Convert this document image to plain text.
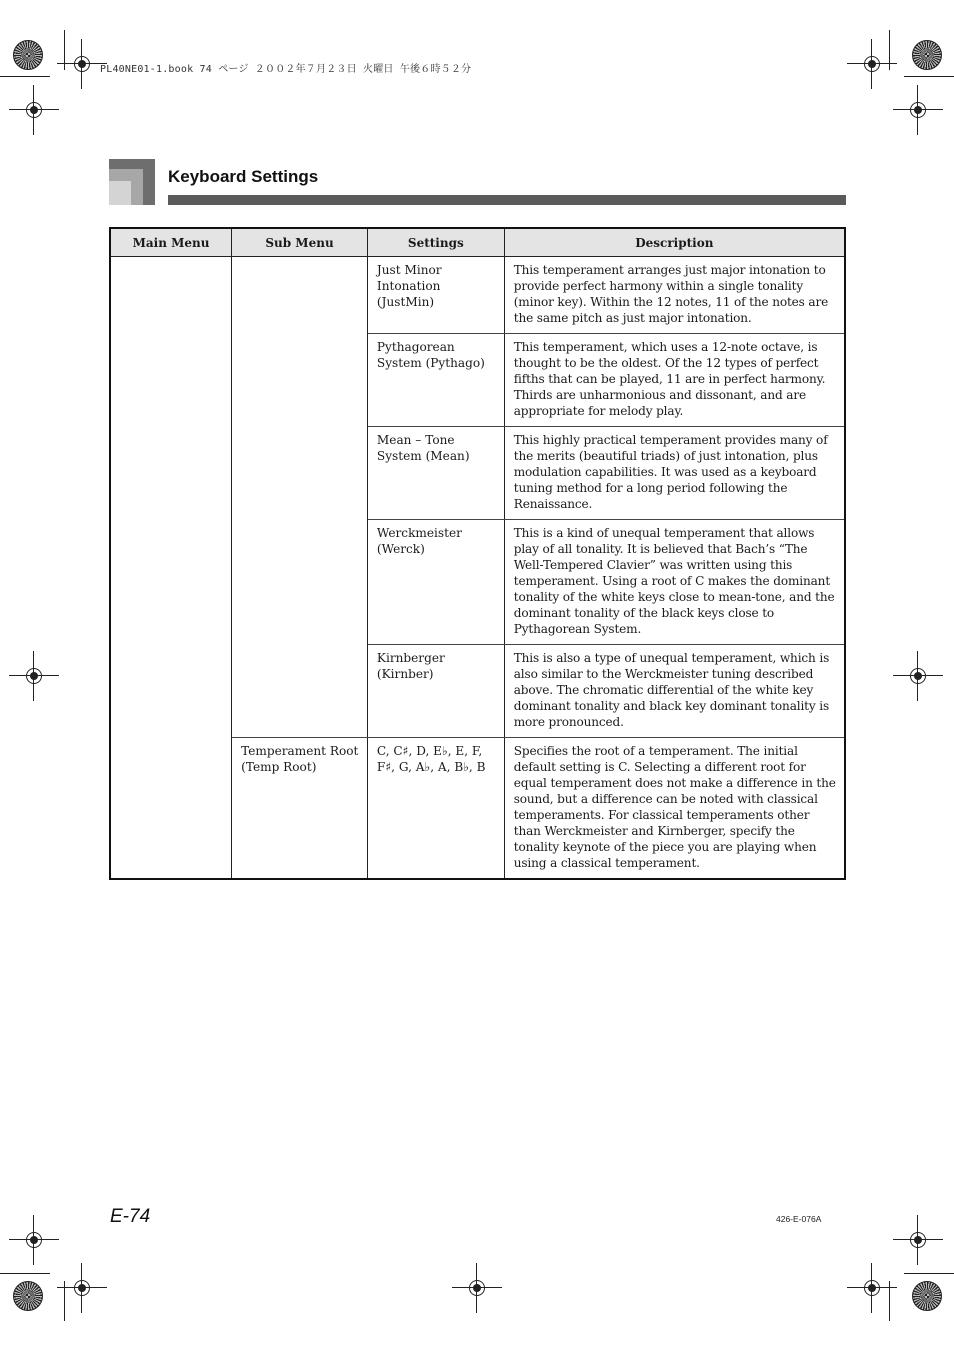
PL40NE01-1.book 74 ページ ２００２年７月２３日 火曜日 午後６時５２分
Keyboard Settings
Main Menu	Sub Menu	Settings	Description
		Just Minor Intonation (JustMin)	This temperament arranges just major intonation to provide perfect harmony within a single tonality (minor key). Within the 12 notes, 11 of the notes are the same pitch as just major intonation.
		Pythagorean System (Pythago)	This temperament, which uses a 12-note octave, is thought to be the oldest. Of the 12 types of perfect fifths that can be played, 11 are in perfect harmony. Thirds are unharmonious and dissonant, and are appropriate for melody play.
		Mean – Tone System (Mean)	This highly practical temperament provides many of the merits (beautiful triads) of just intonation, plus modulation capabilities. It was used as a keyboard tuning method for a long period following the Renaissance.
		Werckmeister (Werck)	This is a kind of unequal temperament that allows play of all tonality. It is believed that Bach’s “The Well-Tempered Clavier” was written using this temperament. Using a root of C makes the dominant tonality of the white keys close to mean-tone, and the dominant tonality of the black keys close to Pythagorean System.
		Kirnberger (Kirnber)	This is also a type of unequal temperament, which is also similar to the Werckmeister tuning described above. The chromatic differential of the white key dominant tonality and black key dominant tonality is more pronounced.
	Temperament Root (Temp Root)	C, C♯, D, E♭, E, F, F♯, G, A♭, A, B♭, B	Specifies the root of a temperament. The initial default setting is C. Selecting a different root for equal temperament does not make a difference in the sound, but a difference can be noted with classical temperaments. For classical temperaments other than Werckmeister and Kirnberger, specify the tonality keynote of the piece you are playing when using a classical temperament.
E-74	426-E-076A
